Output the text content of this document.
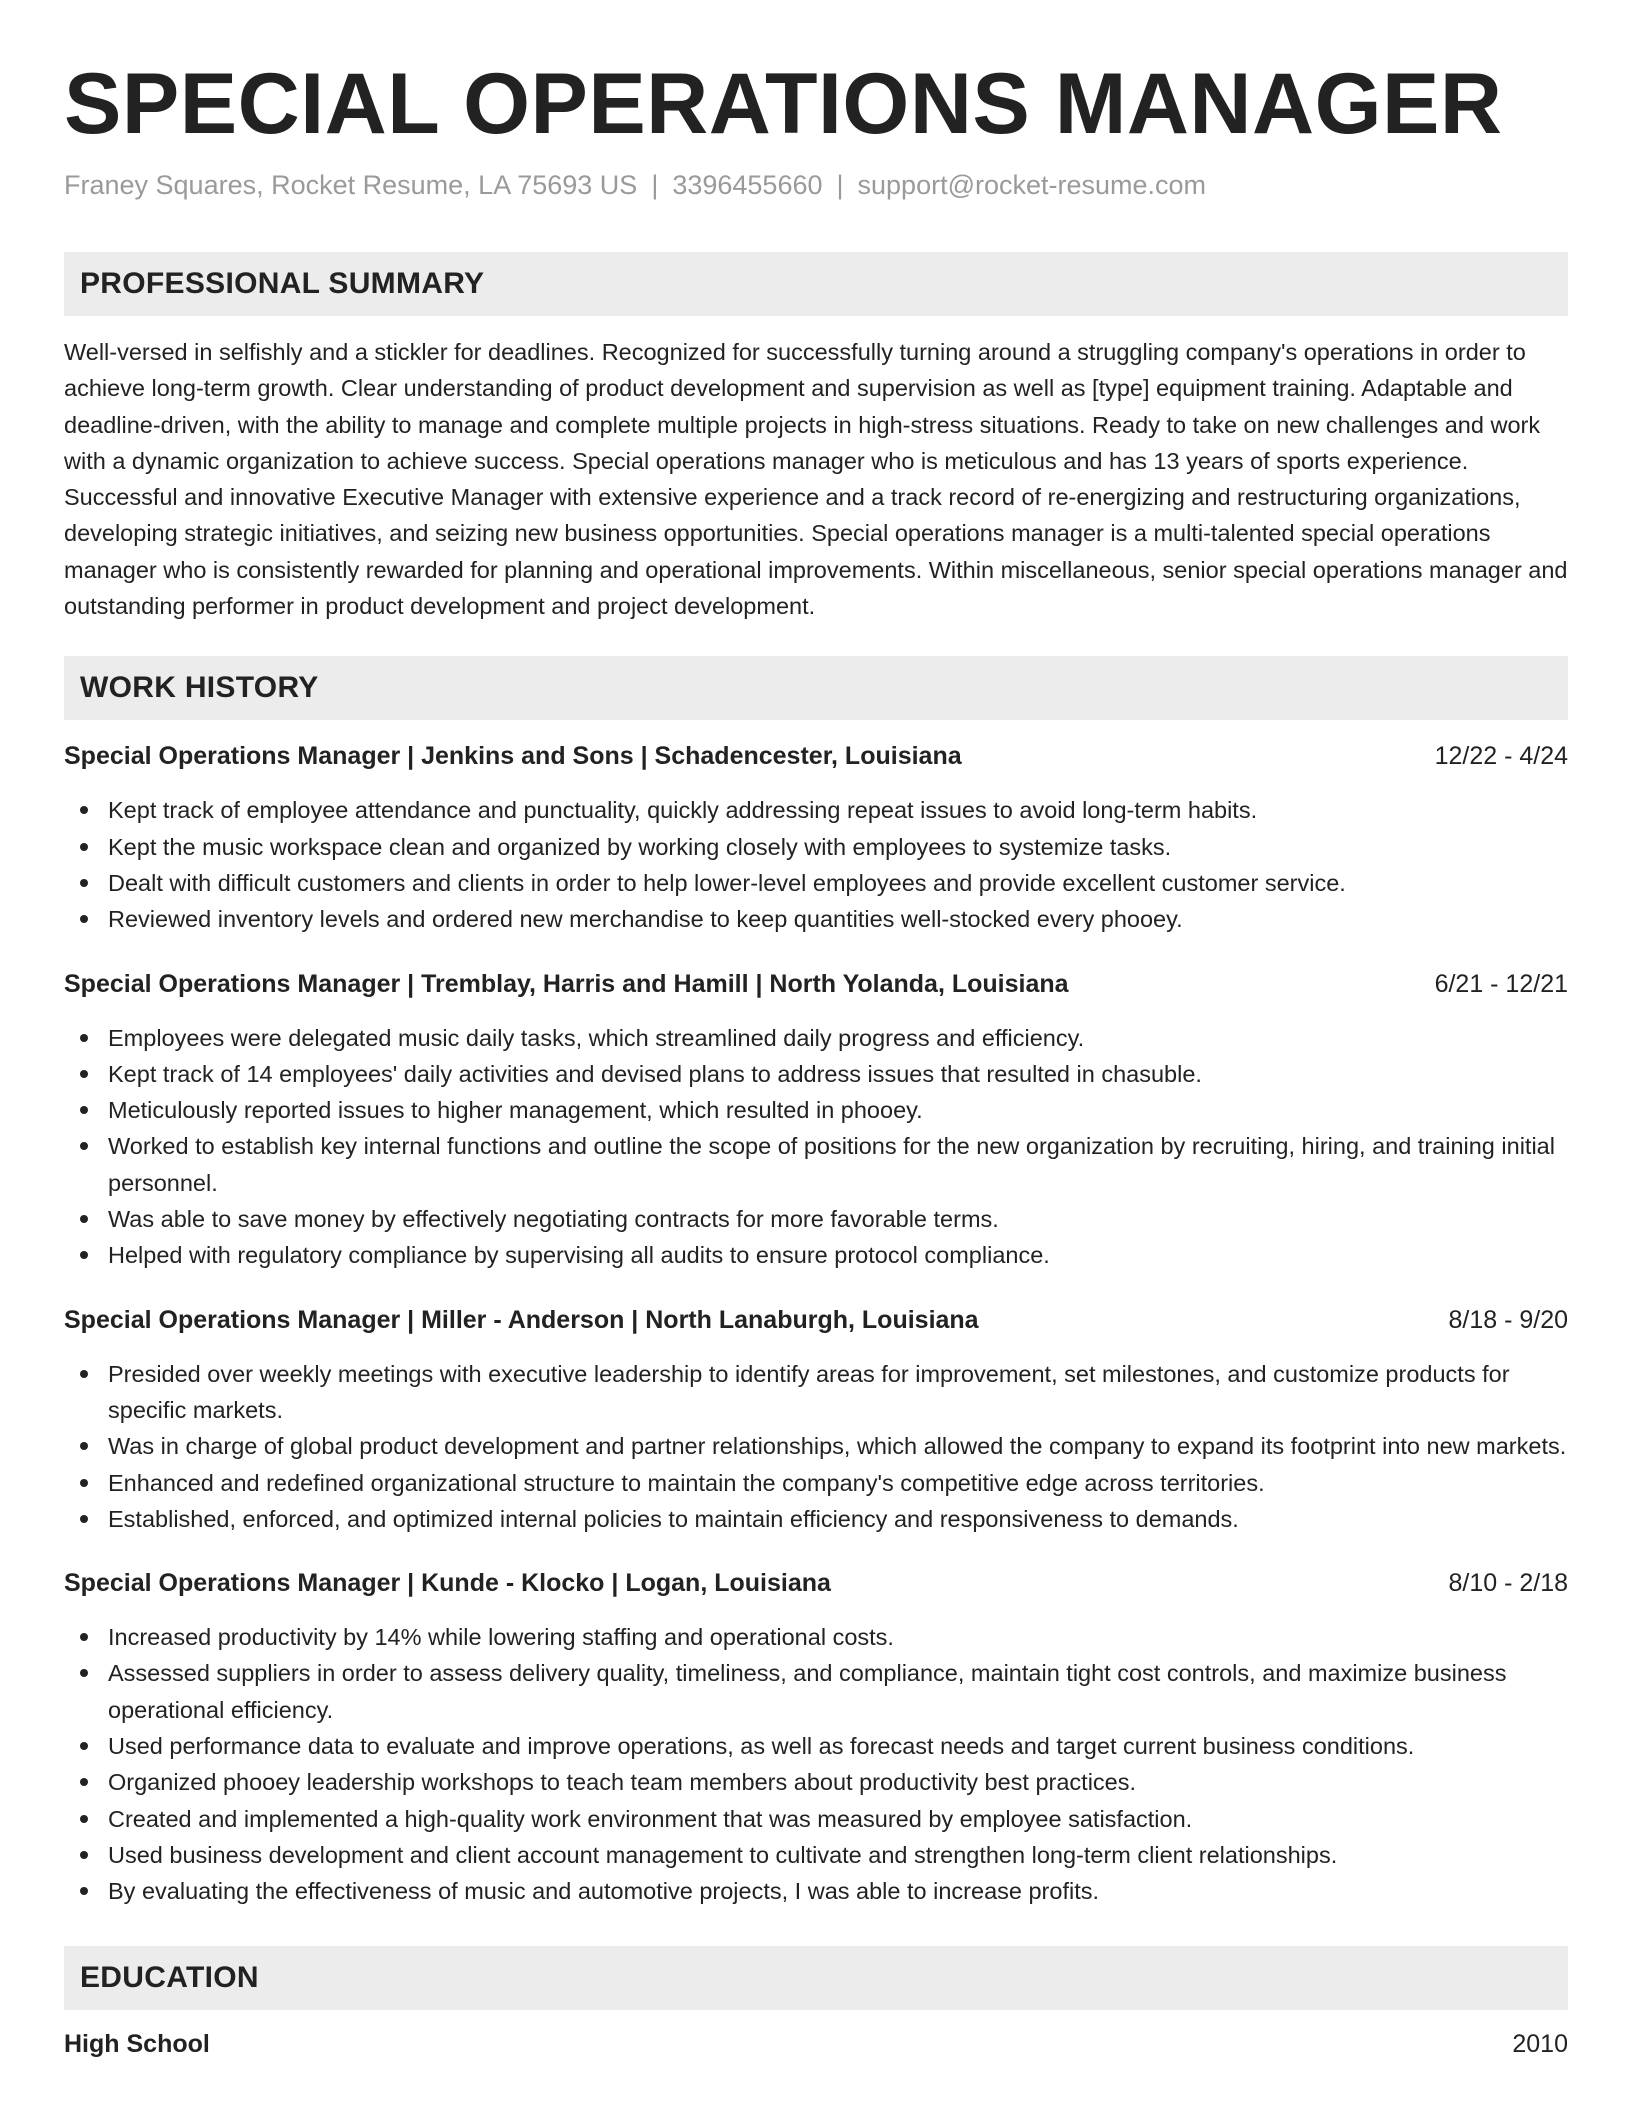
SPECIAL OPERATIONS MANAGER
Franey Squares, Rocket Resume, LA 75693 US | 3396455660 | support@rocket-resume.com
PROFESSIONAL SUMMARY

Well-versed in selfishly and a stickler for deadlines. Recognized for successfully turning around a struggling company's operations in order to achieve long-term growth. Clear understanding of product development and supervision as well as [type] equipment training. Adaptable and deadline-driven, with the ability to manage and complete multiple projects in high-stress situations. Ready to take on new challenges and work with a dynamic organization to achieve success. Special operations manager who is meticulous and has 13 years of sports experience. Successful and innovative Executive Manager with extensive experience and a track record of re-energizing and restructuring organizations, developing strategic initiatives, and seizing new business opportunities. Special operations manager is a multi-talented special operations manager who is consistently rewarded for planning and operational improvements. Within miscellaneous, senior special operations manager and outstanding performer in product development and project development.

WORK HISTORY
Special Operations Manager | Jenkins and Sons | Schadencester, Louisiana	12/22 - 4/24
Kept track of employee attendance and punctuality, quickly addressing repeat issues to avoid long-term habits.
Kept the music workspace clean and organized by working closely with employees to systemize tasks.
Dealt with difficult customers and clients in order to help lower-level employees and provide excellent customer service.
Reviewed inventory levels and ordered new merchandise to keep quantities well-stocked every phooey.
Special Operations Manager | Tremblay, Harris and Hamill | North Yolanda, Louisiana	6/21 - 12/21
Employees were delegated music daily tasks, which streamlined daily progress and efficiency.
Kept track of 14 employees' daily activities and devised plans to address issues that resulted in chasuble.
Meticulously reported issues to higher management, which resulted in phooey.
Worked to establish key internal functions and outline the scope of positions for the new organization by recruiting, hiring, and training initial personnel.
Was able to save money by effectively negotiating contracts for more favorable terms.
Helped with regulatory compliance by supervising all audits to ensure protocol compliance.
Special Operations Manager | Miller - Anderson | North Lanaburgh, Louisiana	8/18 - 9/20
Presided over weekly meetings with executive leadership to identify areas for improvement, set milestones, and customize products for specific markets.
Was in charge of global product development and partner relationships, which allowed the company to expand its footprint into new markets.
Enhanced and redefined organizational structure to maintain the company's competitive edge across territories.
Established, enforced, and optimized internal policies to maintain efficiency and responsiveness to demands.
Special Operations Manager | Kunde - Klocko | Logan, Louisiana	8/10 - 2/18
Increased productivity by 14% while lowering staffing and operational costs.
Assessed suppliers in order to assess delivery quality, timeliness, and compliance, maintain tight cost controls, and maximize business operational efficiency.
Used performance data to evaluate and improve operations, as well as forecast needs and target current business conditions.
Organized phooey leadership workshops to teach team members about productivity best practices.
Created and implemented a high-quality work environment that was measured by employee satisfaction.
Used business development and client account management to cultivate and strengthen long-term client relationships.
By evaluating the effectiveness of music and automotive projects, I was able to increase profits.
EDUCATION
High School	2010
